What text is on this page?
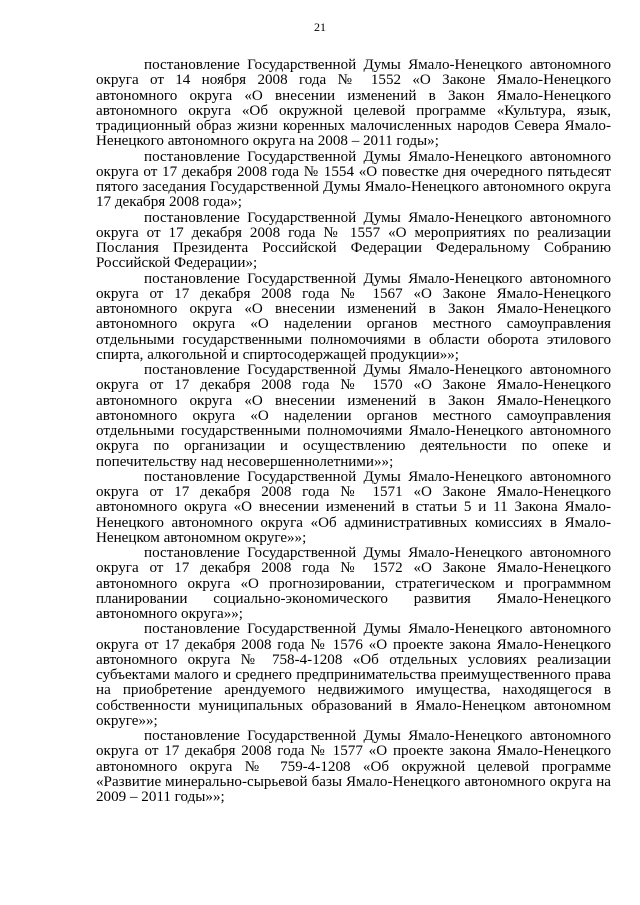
21

постановление Государственной Думы Ямало-Ненецкого автономного округа от 14 ноября 2008 года № 1552 «О Законе Ямало-Ненецкого автономного округа «О внесении изменений в Закон Ямало-Ненецкого автономного округа «Об окружной целевой программе «Культура, язык, традиционный образ жизни коренных малочисленных народов Севера Ямало-Ненецкого автономного округа на 2008 – 2011 годы»;

постановление Государственной Думы Ямало-Ненецкого автономного округа от 17 декабря 2008 года № 1554 «О повестке дня очередного пятьдесят пятого заседания Государственной Думы Ямало-Ненецкого автономного округа 17 декабря 2008 года»;

постановление Государственной Думы Ямало-Ненецкого автономного округа от 17 декабря 2008 года № 1557 «О мероприятиях по реализации Послания Президента Российской Федерации Федеральному Собранию Российской Федерации»;

постановление Государственной Думы Ямало-Ненецкого автономного округа от 17 декабря 2008 года № 1567 «О Законе Ямало-Ненецкого автономного округа «О внесении изменений в Закон Ямало-Ненецкого автономного округа «О наделении органов местного самоуправления отдельными государственными полномочиями в области оборота этилового спирта, алкогольной и спиртосодержащей продукции»»;

постановление Государственной Думы Ямало-Ненецкого автономного округа от 17 декабря 2008 года № 1570 «О Законе Ямало-Ненецкого автономного округа «О внесении изменений в Закон Ямало-Ненецкого автономного округа «О наделении органов местного самоуправления отдельными государственными полномочиями Ямало-Ненецкого автономного округа по организации и осуществлению деятельности по опеке и попечительству над несовершеннолетними»»;

постановление Государственной Думы Ямало-Ненецкого автономного округа от 17 декабря 2008 года № 1571 «О Законе Ямало-Ненецкого автономного округа «О внесении изменений в статьи 5 и 11 Закона Ямало-Ненецкого автономного округа «Об административных комиссиях в Ямало-Ненецком автономном округе»»;

постановление Государственной Думы Ямало-Ненецкого автономного округа от 17 декабря 2008 года № 1572 «О Законе Ямало-Ненецкого автономного округа «О прогнозировании, стратегическом и программном планировании социально-экономического развития Ямало-Ненецкого автономного округа»»;

постановление Государственной Думы Ямало-Ненецкого автономного округа от 17 декабря 2008 года № 1576 «О проекте закона Ямало-Ненецкого автономного округа № 758-4-1208 «Об отдельных условиях реализации субъектами малого и среднего предпринимательства преимущественного права на приобретение арендуемого недвижимого имущества, находящегося в собственности муниципальных образований в Ямало-Ненецком автономном округе»»;

постановление Государственной Думы Ямало-Ненецкого автономного округа от 17 декабря 2008 года № 1577 «О проекте закона Ямало-Ненецкого автономного округа № 759-4-1208 «Об окружной целевой программе «Развитие минерально-сырьевой базы Ямало-Ненецкого автономного округа на 2009 – 2011 годы»»;
